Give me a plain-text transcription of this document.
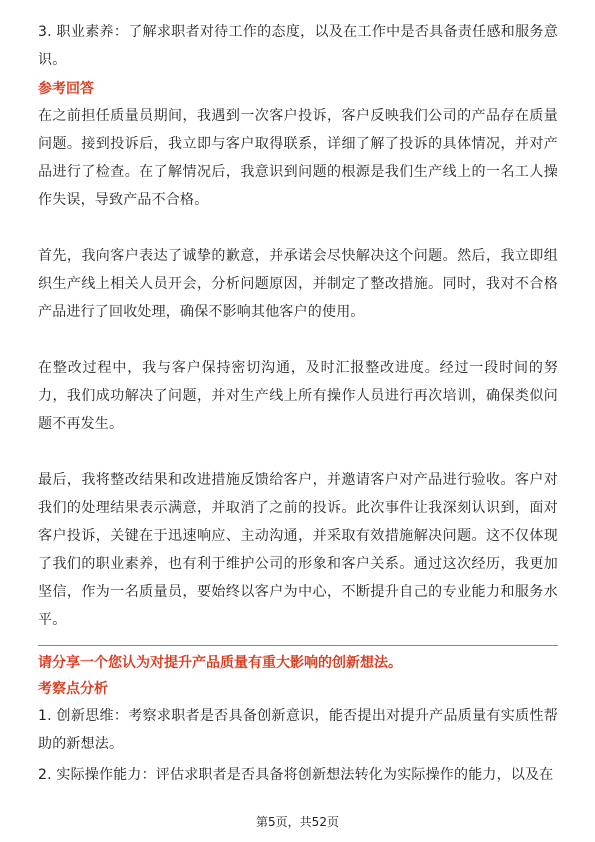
3. 职业素养：了解求职者对待工作的态度，以及在工作中是否具备责任感和服务意识。

参考回答

在之前担任质量员期间，我遇到一次客户投诉，客户反映我们公司的产品存在质量问题。接到投诉后，我立即与客户取得联系，详细了解了投诉的具体情况，并对产品进行了检查。在了解情况后，我意识到问题的根源是我们生产线上的一名工人操作失误，导致产品不合格。

首先，我向客户表达了诚挚的歉意，并承诺会尽快解决这个问题。然后，我立即组织生产线上相关人员开会，分析问题原因，并制定了整改措施。同时，我对不合格产品进行了回收处理，确保不影响其他客户的使用。

在整改过程中，我与客户保持密切沟通，及时汇报整改进度。经过一段时间的努力，我们成功解决了问题，并对生产线上所有操作人员进行再次培训，确保类似问题不再发生。

最后，我将整改结果和改进措施反馈给客户，并邀请客户对产品进行验收。客户对我们的处理结果表示满意，并取消了之前的投诉。此次事件让我深刻认识到，面对客户投诉，关键在于迅速响应、主动沟通，并采取有效措施解决问题。这不仅体现了我们的职业素养，也有利于维护公司的形象和客户关系。通过这次经历，我更加坚信，作为一名质量员，要始终以客户为中心，不断提升自己的专业能力和服务水平。

请分享一个您认为对提升产品质量有重大影响的创新想法。

考察点分析

1. 创新思维：考察求职者是否具备创新意识，能否提出对提升产品质量有实质性帮助的新想法。

2. 实际操作能力：评估求职者是否具备将创新想法转化为实际操作的能力，以及在

第5页，共52页
